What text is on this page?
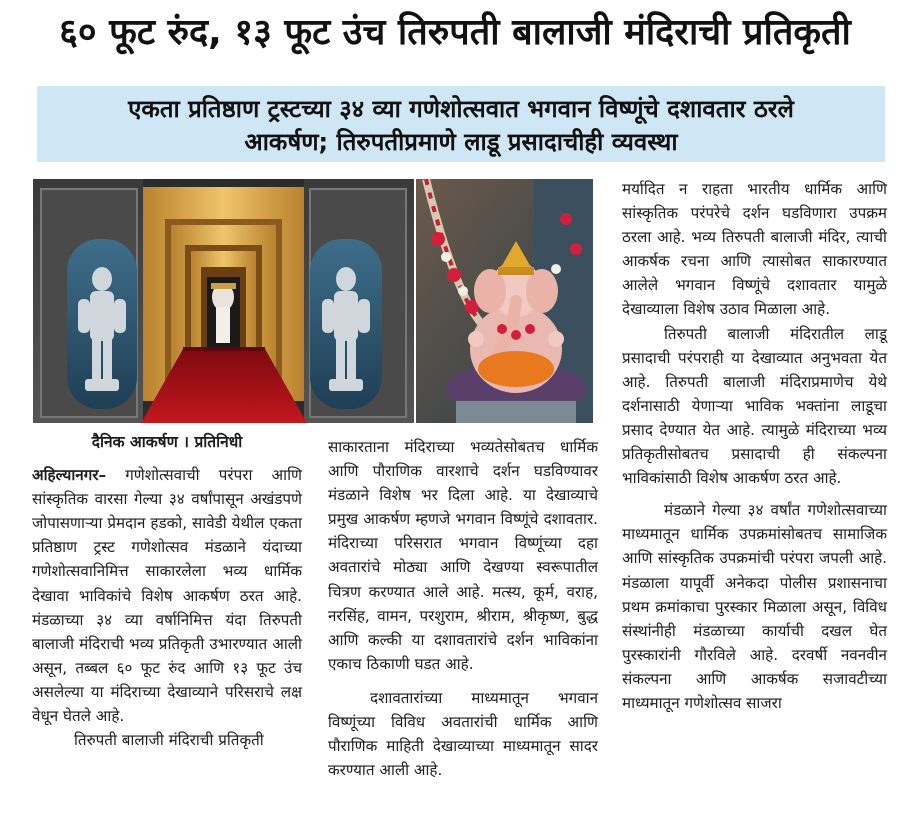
६० फूट रुंद, १३ फूट उंच तिरुपती बालाजी मंदिराची प्रतिकृती
एकता प्रतिष्ठाण ट्रस्टच्या ३४ व्या गणेशोत्सवात भगवान विष्णूंचे दशावतार ठरले
आकर्षण; तिरुपतीप्रमाणे लाडू प्रसादाचीही व्यवस्था

दैनिक आकर्षण । प्रतिनिधी

अहिल्यानगर– गणेशोत्सवाची परंपरा आणि सांस्कृतिक वारसा गेल्या ३४ वर्षांपासून अखंडपणे जोपासणाऱ्या प्रेमदान हडको, सावेडी येथील एकता प्रतिष्ठाण ट्रस्ट गणेशोत्सव मंडळाने यंदाच्या गणेशोत्सवानिमित्त साकारलेला भव्य धार्मिक देखावा भाविकांचे विशेष आकर्षण ठरत आहे. मंडळाच्या ३४ व्या वर्षानिमित्त यंदा तिरुपती बालाजी मंदिराची भव्य प्रतिकृती उभारण्यात आली असून, तब्बल ६० फूट रुंद आणि १३ फूट उंच असलेल्या या मंदिराच्या देखाव्याने परिसराचे लक्ष वेधून घेतले आहे.

तिरुपती बालाजी मंदिराची प्रतिकृती

साकारताना मंदिराच्या भव्यतेसोबतच धार्मिक आणि पौराणिक वारशाचे दर्शन घडविण्यावर मंडळाने विशेष भर दिला आहे. या देखाव्याचे प्रमुख आकर्षण म्हणजे भगवान विष्णूंचे दशावतार. मंदिराच्या परिसरात भगवान विष्णूंच्या दहा अवतारांचे मोठ्या आणि देखण्या स्वरूपातील चित्रण करण्यात आले आहे. मत्स्य, कूर्म, वराह, नरसिंह, वामन, परशुराम, श्रीराम, श्रीकृष्ण, बुद्ध आणि कल्की या दशावतारांचे दर्शन भाविकांना एकाच ठिकाणी घडत आहे.

दशावतारांच्या माध्यमातून भगवान विष्णूंच्या विविध अवतारांची धार्मिक आणि पौराणिक माहिती देखाव्याच्या माध्यमातून सादर करण्यात आली आहे.

मर्यादित न राहता भारतीय धार्मिक आणि सांस्कृतिक परंपरेचे दर्शन घडविणारा उपक्रम ठरला आहे. भव्य तिरुपती बालाजी मंदिर, त्याची आकर्षक रचना आणि त्यासोबत साकारण्यात आलेले भगवान विष्णूंचे दशावतार यामुळे देखाव्याला विशेष उठाव मिळाला आहे.

तिरुपती बालाजी मंदिरातील लाडू प्रसादाची परंपराही या देखाव्यात अनुभवता येत आहे. तिरुपती बालाजी मंदिराप्रमाणेच येथे दर्शनासाठी येणाऱ्या भाविक भक्तांना लाडूचा प्रसाद देण्यात येत आहे. त्यामुळे मंदिराच्या भव्य प्रतिकृतीसोबतच प्रसादाची ही संकल्पना भाविकांसाठी विशेष आकर्षण ठरत आहे.

मंडळाने गेल्या ३४ वर्षांत गणेशोत्सवाच्या माध्यमातून धार्मिक उपक्रमांसोबतच सामाजिक आणि सांस्कृतिक उपक्रमांची परंपरा जपली आहे. मंडळाला यापूर्वी अनेकदा पोलीस प्रशासनाचा प्रथम क्रमांकाचा पुरस्कार मिळाला असून, विविध संस्थांनीही मंडळाच्या कार्याची दखल घेत पुरस्कारांनी गौरविले आहे. दरवर्षी नवनवीन संकल्पना आणि आकर्षक सजावटीच्या माध्यमातून गणेशोत्सव साजरा
